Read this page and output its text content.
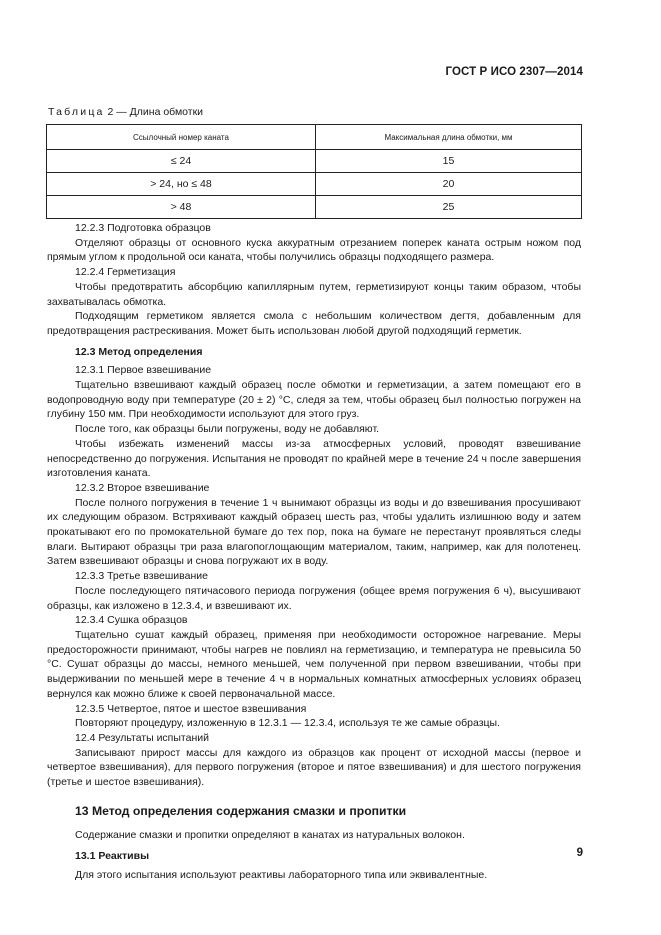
ГОСТ Р ИСО 2307—2014
Таблица 2 — Длина обмотки
Ссылочный номер каната	Максимальная длина обмотки, мм
≤ 24	15
> 24, но ≤ 48	20
> 48	25

12.2.3 Подготовка образцов

Отделяют образцы от основного куска аккуратным отрезанием поперек каната острым ножом под прямым углом к продольной оси каната, чтобы получились образцы подходящего размера.

12.2.4 Герметизация

Чтобы предотвратить абсорбцию капиллярным путем, герметизируют концы таким образом, чтобы захватывалась обмотка.

Подходящим герметиком является смола с небольшим количеством дегтя, добавленным для предотвращения растрескивания. Может быть использован любой другой подходящий герметик.

12.3 Метод определения

12.3.1 Первое взвешивание

Тщательно взвешивают каждый образец после обмотки и герметизации, а затем помещают его в водопроводную воду при температуре (20 ± 2) °С, следя за тем, чтобы образец был полностью погружен на глубину 150 мм. При необходимости используют для этого груз.

После того, как образцы были погружены, воду не добавляют.

Чтобы избежать изменений массы из-за атмосферных условий, проводят взвешивание непосредственно до погружения. Испытания не проводят по крайней мере в течение 24 ч после завершения изготовления каната.

12.3.2 Второе взвешивание

После полного погружения в течение 1 ч вынимают образцы из воды и до взвешивания просушивают их следующим образом. Встряхивают каждый образец шесть раз, чтобы удалить излишнюю воду и затем прокатывают его по промокательной бумаге до тех пор, пока на бумаге не перестанут проявляться следы влаги. Вытирают образцы три раза влагопоглощающим материалом, таким, например, как для полотенец. Затем взвешивают образцы и снова погружают их в воду.

12.3.3 Третье взвешивание

После последующего пятичасового периода погружения (общее время погружения 6 ч), высушивают образцы, как изложено в 12.3.4, и взвешивают их.

12.3.4 Сушка образцов

Тщательно сушат каждый образец, применяя при необходимости осторожное нагревание. Меры предосторожности принимают, чтобы нагрев не повлиял на герметизацию, и температура не превысила 50 °С. Сушат образцы до массы, немного меньшей, чем полученной при первом взвешивании, чтобы при выдерживании по меньшей мере в течение 4 ч в нормальных комнатных атмосферных условиях образец вернулся как можно ближе к своей первоначальной массе.

12.3.5 Четвертое, пятое и шестое взвешивания

Повторяют процедуру, изложенную в 12.3.1 — 12.3.4, используя те же самые образцы.

12.4 Результаты испытаний

Записывают прирост массы для каждого из образцов как процент от исходной массы (первое и четвертое взвешивания), для первого погружения (второе и пятое взвешивания) и для шестого погружения (третье и шестое взвешивания).

13 Метод определения содержания смазки и пропитки

Содержание смазки и пропитки определяют в канатах из натуральных волокон.

13.1 Реактивы

Для этого испытания используют реактивы лабораторного типа или эквивалентные.

9
